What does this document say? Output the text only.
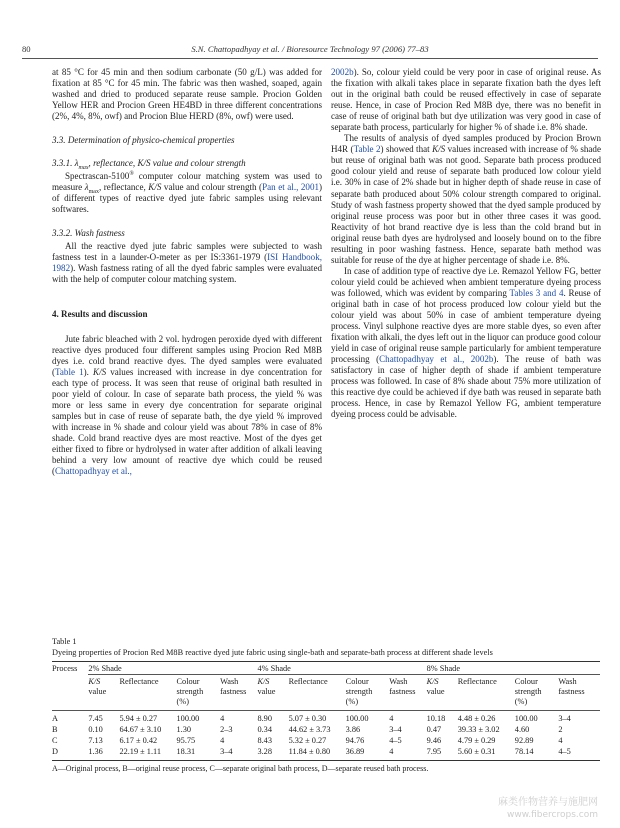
80	S.N. Chattopadhyay et al. / Bioresource Technology 97 (2006) 77–83

at 85 °C for 45 min and then sodium carbonate (50 g/L) was added for fixation at 85 °C for 45 min. The fabric was then washed, soaped, again washed and dried to produced separate reuse sample. Procion Golden Yellow HER and Procion Green HE4BD in three different concentrations (2%, 4%, 8%, owf) and Procion Blue HERD (8%, owf) were used.

3.3. Determination of physico-chemical properties
3.3.1. $\lambda_{max}$, reflectance, K/S value and colour strength

Spectrascan-5100® computer colour matching system was used to measure $\lambda_{max}$, reflectance, K/S value and colour strength (Pan et al., 2001) of different types of reactive dyed jute fabric samples using relevant softwares.

3.3.2. Wash fastness

All the reactive dyed jute fabric samples were subjected to wash fastness test in a launder-O-meter as per IS:3361-1979 (ISI Handbook, 1982). Wash fastness rating of all the dyed fabric samples were evaluated with the help of computer colour matching system.

4. Results and discussion

Jute fabric bleached with 2 vol. hydrogen peroxide dyed with different reactive dyes produced four different samples using Procion Red M8B dyes i.e. cold brand reactive dyes. The dyed samples were evaluated (Table 1). K/S values increased with increase in dye concentration for each type of process. It was seen that reuse of original bath resulted in poor yield of colour. In case of separate bath process, the yield % was more or less same in every dye concentration for separate original samples but in case of reuse of separate bath, the dye yield % improved with increase in % shade and colour yield was about 78% in case of 8% shade. Cold brand reactive dyes are most reactive. Most of the dyes get either fixed to fibre or hydrolysed in water after addition of alkali leaving behind a very low amount of reactive dye which could be reused (Chattopadhyay et al.,

2002b). So, colour yield could be very poor in case of original reuse. As the fixation with alkali takes place in separate fixation bath the dyes left out in the original bath could be reused effectively in case of separate reuse. Hence, in case of Procion Red M8B dye, there was no benefit in case of reuse of original bath but dye utilization was very good in case of separate bath process, particularly for higher % of shade i.e. 8% shade.

The results of analysis of dyed samples produced by Procion Brown H4R (Table 2) showed that K/S values increased with increase of % shade but reuse of original bath was not good. Separate bath process produced good colour yield and reuse of separate bath produced low colour yield i.e. 30% in case of 2% shade but in higher depth of shade reuse in case of separate bath produced about 50% colour strength compared to original. Study of wash fastness property showed that the dyed sample produced by original reuse process was poor but in other three cases it was good. Reactivity of hot brand reactive dye is less than the cold brand but in original reuse bath dyes are hydrolysed and loosely bound on to the fibre resulting in poor washing fastness. Hence, separate bath method was suitable for reuse of the dye at higher percentage of shade i.e. 8%.

In case of addition type of reactive dye i.e. Remazol Yellow FG, better colour yield could be achieved when ambient temperature dyeing process was followed, which was evident by comparing Tables 3 and 4. Reuse of original bath in case of hot process produced low colour yield but the colour yield was about 50% in case of ambient temperature dyeing process. Vinyl sulphone reactive dyes are more stable dyes, so even after fixation with alkali, the dyes left out in the liquor can produce good colour yield in case of original reuse sample particularly for ambient temperature processing (Chattopadhyay et al., 2002b). The reuse of bath was satisfactory in case of higher depth of shade if ambient temperature process was followed. In case of 8% shade about 75% more utilization of this reactive dye could be achieved if dye bath was reused in separate bath process. Hence, in case by Remazol Yellow FG, ambient temperature dyeing process could be advisable.

Table 1

Dyeing properties of Procion Red M8B reactive dyed jute fabric using single-bath and separate-bath process at different shade levels

Process	2% Shade				4% Shade				8% Shade			
	K/S
value	Reflectance	Colour
strength
(%)	Wash
fastness	K/S
value	Reflectance	Colour
strength
(%)	Wash
fastness	K/S
value	Reflectance	Colour
strength
(%)	Wash
fastness
A	7.45	5.94 ± 0.27	100.00	4	8.90	5.07 ± 0.30	100.00	4	10.18	4.48 ± 0.26	100.00	3–4
B	0.10	64.67 ± 3.10	1.30	2–3	0.34	44.62 ± 3.73	3.86	3–4	0.47	39.33 ± 3.02	4.60	2
C	7.13	6.17 ± 0.42	95.75	4	8.43	5.32 ± 0.27	94.76	4–5	9.46	4.79 ± 0.29	92.89	4
D	1.36	22.19 ± 1.11	18.31	3–4	3.28	11.84 ± 0.80	36.89	4	7.95	5.60 ± 0.31	78.14	4–5
A—Original process, B—original reuse process, C—separate original bath process, D—separate reused bath process.
麻类作物营养与施肥网
www.fibercrops.com
